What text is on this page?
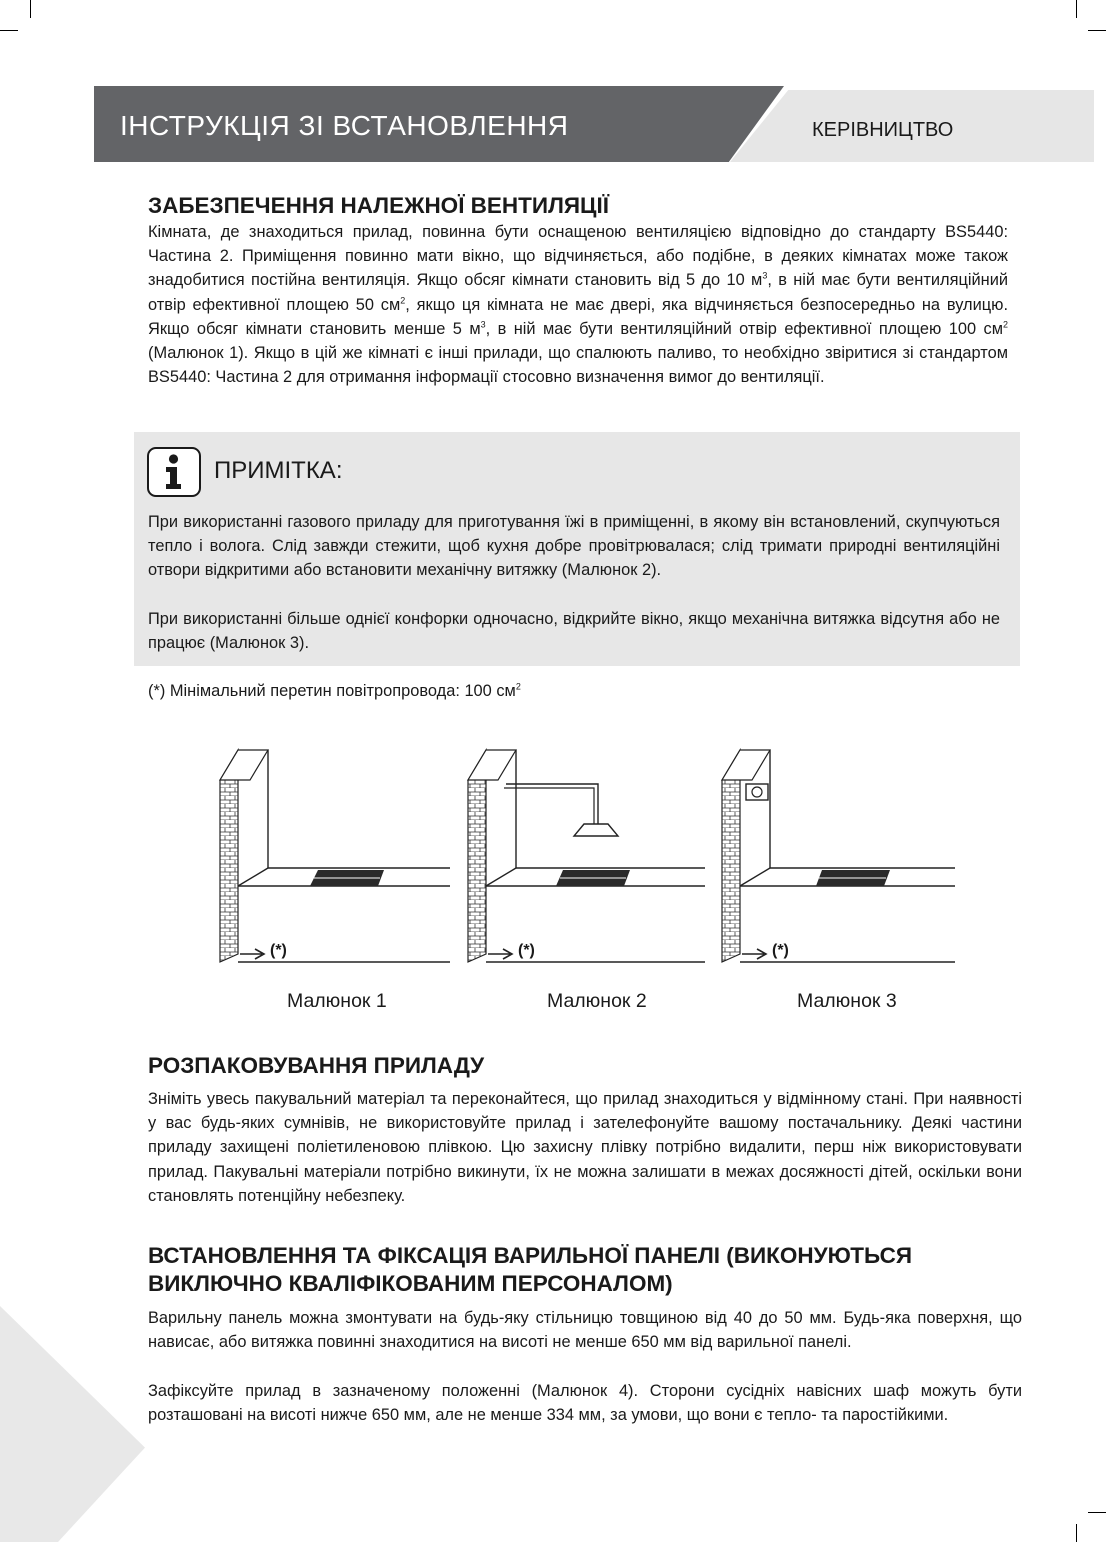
КЕРІВНИЦТВО
ІНСТРУКЦІЯ ЗІ ВСТАНОВЛЕННЯ
ЗАБЕЗПЕЧЕННЯ НАЛЕЖНОЇ ВЕНТИЛЯЦІЇ

Кімната, де знаходиться прилад, повинна бути оснащеною вентиляцією відповідно до стандарту BS5440: Частина 2. Приміщення повинно мати вікно, що відчиняється, або подібне, в деяких кімнатах може також знадобитися постійна вентиляція. Якщо обсяг кімнати становить від 5 до 10 $м^3$, в ній має бути вентиляційний отвір ефективної площею 50 $см^2$, якщо ця кімната не має двері, яка відчиняється безпосередньо на вулицю. Якщо обсяг кімнати становить менше 5 $м^3$, в ній має бути вентиляційний отвір ефективної площею 100 $см^2$ (Малюнок 1). Якщо в цій же кімнаті є інші прилади, що спалюють паливо, то необхідно звіритися зі стандартом BS5440: Частина 2 для отримання інформації стосовно визначення вимог до вентиляції.

ПРИМІТКА:

При використанні газового приладу для приготування їжі в приміщенні, в якому він встановлений, скупчуються тепло і волога. Слід завжди стежити, щоб кухня добре провітрювалася; слід тримати природні вентиляційні отвори відкритими або встановити механічну витяжку (Малюнок 2).

При використанні більше однієї конфорки одночасно, відкрийте вікно, якщо механічна витяжка відсутня або не працює (Малюнок 3).

(*) Мінімальний перетин повітропровода: 100 $см^2$
(*)	(*)	(*)
Малюнок 1	Малюнок 2	Малюнок 3
РОЗПАКОВУВАННЯ ПРИЛАДУ

Зніміть увесь пакувальний матеріал та переконайтеся, що прилад знаходиться у відмінному стані. При наявності у вас будь-яких сумнівів, не використовуйте прилад і зателефонуйте вашому постачальнику. Деякі частини приладу захищені поліетиленовою плівкою. Цю захисну плівку потрібно видалити, перш ніж використовувати прилад. Пакувальні матеріали потрібно викинути, їх не можна залишати в межах досяжності дітей, оскільки вони становлять потенційну небезпеку.

ВСТАНОВЛЕННЯ ТА ФІКСАЦІЯ ВАРИЛЬНОЇ ПАНЕЛІ (ВИКОНУЮТЬСЯ
ВИКЛЮЧНО КВАЛІФІКОВАНИМ ПЕРСОНАЛОМ)

Варильну панель можна змонтувати на будь-яку стільницю товщиною від 40 до 50 мм. Будь-яка поверхня, що нависає, або витяжка повинні знаходитися на висоті не менше 650 мм від варильної панелі.

Зафіксуйте прилад в зазначеному положенні (Малюнок 4). Сторони сусідніх навісних шаф можуть бути розташовані на висоті нижче 650 мм, але не менше 334 мм, за умови, що вони є тепло- та паростійкими.
